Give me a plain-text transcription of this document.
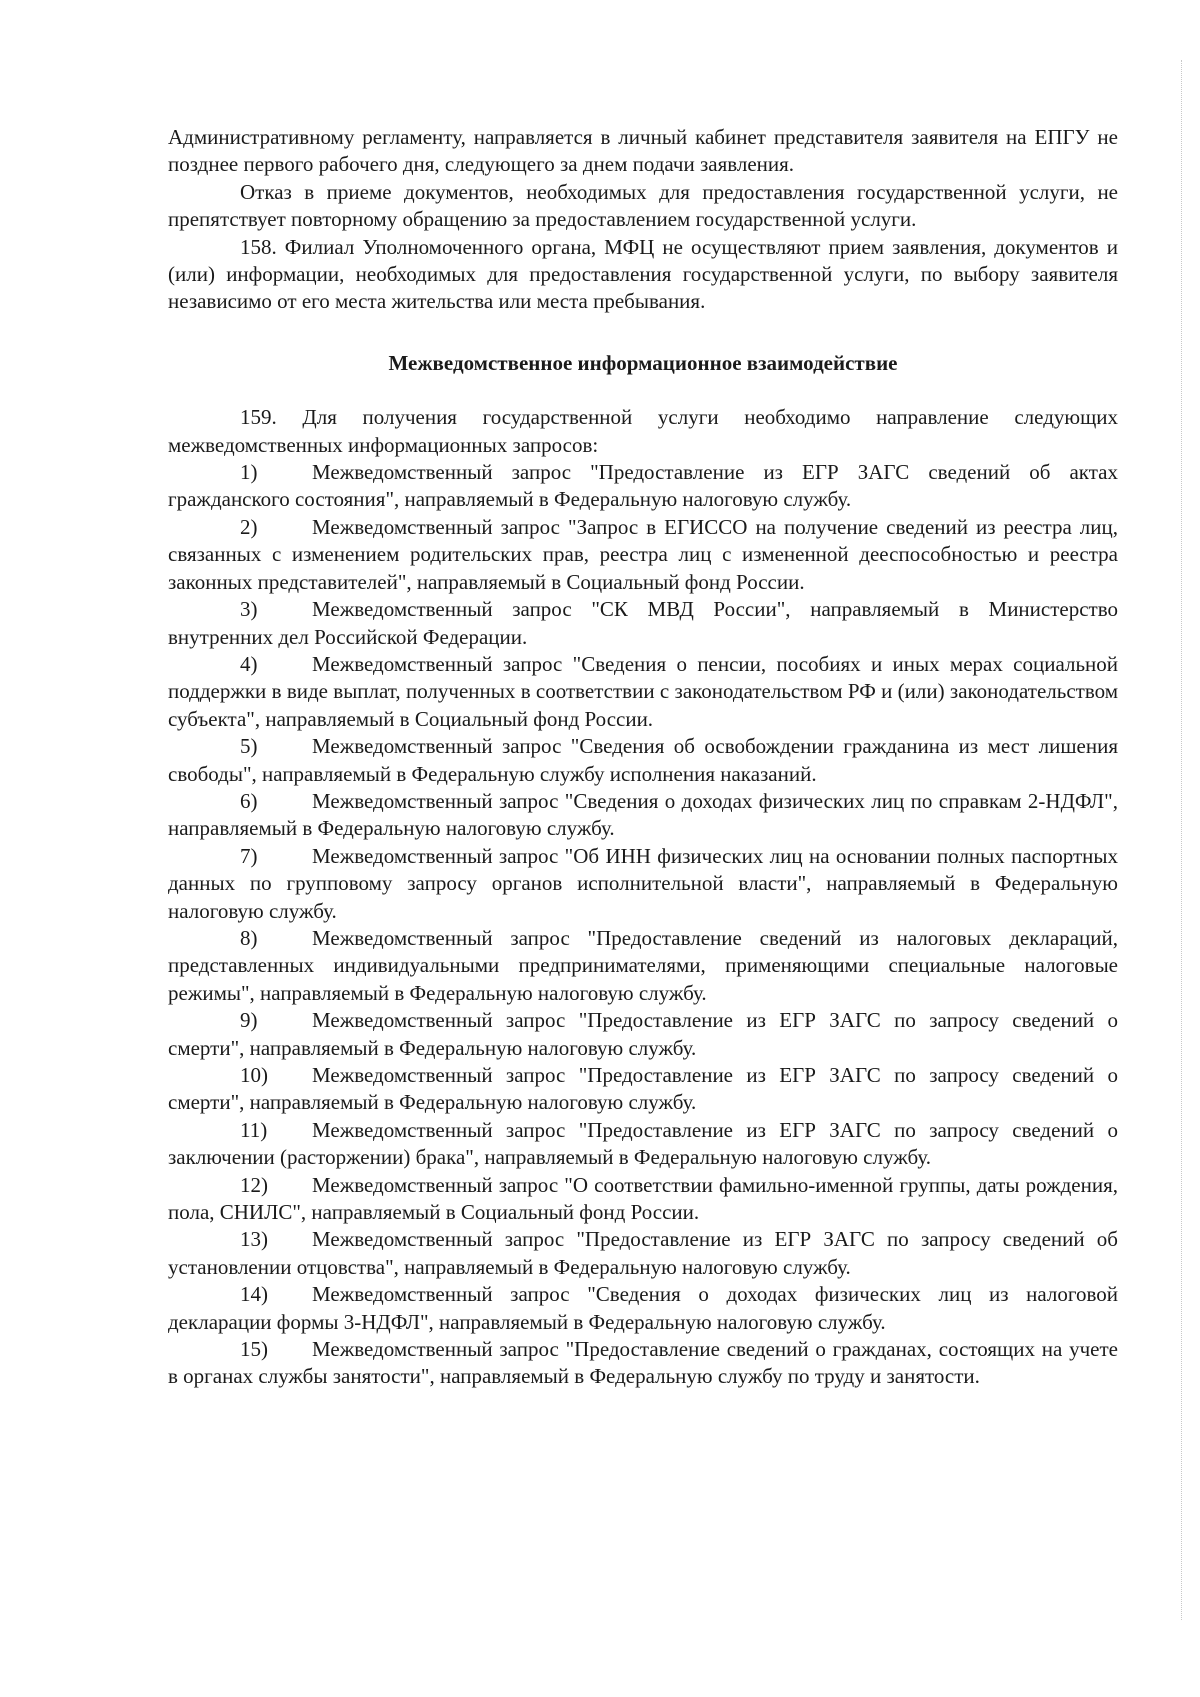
Административному регламенту, направляется в личный кабинет представителя заявителя на ЕПГУ не позднее первого рабочего дня, следующего за днем подачи заявления.

Отказ в приеме документов, необходимых для предоставления государственной услуги, не препятствует повторному обращению за предоставлением государственной услуги.

158. Филиал Уполномоченного органа, МФЦ не осуществляют прием заявления, документов и (или) информации, необходимых для предоставления государственной услуги, по выбору заявителя независимо от его места жительства или места пребывания.

Межведомственное информационное взаимодействие

159. Для получения государственной услуги необходимо направление следующих межведомственных информационных запросов:

1)	Межведомственный запрос "Предоставление из ЕГР ЗАГС сведений об актах гражданского состояния", направляемый в Федеральную налоговую службу.

2)	Межведомственный запрос "Запрос в ЕГИССО на получение сведений из реестра лиц, связанных с изменением родительских прав, реестра лиц с измененной дееспособностью и реестра законных представителей", направляемый в Социальный фонд России.

3)	Межведомственный запрос "СК МВД России", направляемый в Министерство внутренних дел Российской Федерации.

4)	Межведомственный запрос "Сведения о пенсии, пособиях и иных мерах социальной поддержки в виде выплат, полученных в соответствии с законодательством РФ и (или) законодательством субъекта", направляемый в Социальный фонд России.

5)	Межведомственный запрос "Сведения об освобождении гражданина из мест лишения свободы", направляемый в Федеральную службу исполнения наказаний.

6)	Межведомственный запрос "Сведения о доходах физических лиц по справкам 2-НДФЛ", направляемый в Федеральную налоговую службу.

7)	Межведомственный запрос "Об ИНН физических лиц на основании полных паспортных данных по групповому запросу органов исполнительной власти", направляемый в Федеральную налоговую службу.

8)	Межведомственный запрос "Предоставление сведений из налоговых деклараций, представленных индивидуальными предпринимателями, применяющими специальные налоговые режимы", направляемый в Федеральную налоговую службу.

9)	Межведомственный запрос "Предоставление из ЕГР ЗАГС по запросу сведений о смерти", направляемый в Федеральную налоговую службу.

10) Межведомственный запрос "Предоставление из ЕГР ЗАГС по запросу сведений о смерти", направляемый в Федеральную налоговую службу.

11) Межведомственный запрос "Предоставление из ЕГР ЗАГС по запросу сведений о заключении (расторжении) брака", направляемый в Федеральную налоговую службу.

12) Межведомственный запрос "О соответствии фамильно-именной группы, даты рождения, пола, СНИЛС", направляемый в Социальный фонд России.

13) Межведомственный запрос "Предоставление из ЕГР ЗАГС по запросу сведений об установлении отцовства", направляемый в Федеральную налоговую службу.

14) Межведомственный запрос "Сведения о доходах физических лиц из налоговой декларации формы 3-НДФЛ", направляемый в Федеральную налоговую службу.

15) Межведомственный запрос "Предоставление сведений о гражданах, состоящих на учете в органах службы занятости", направляемый в Федеральную службу по труду и занятости.
